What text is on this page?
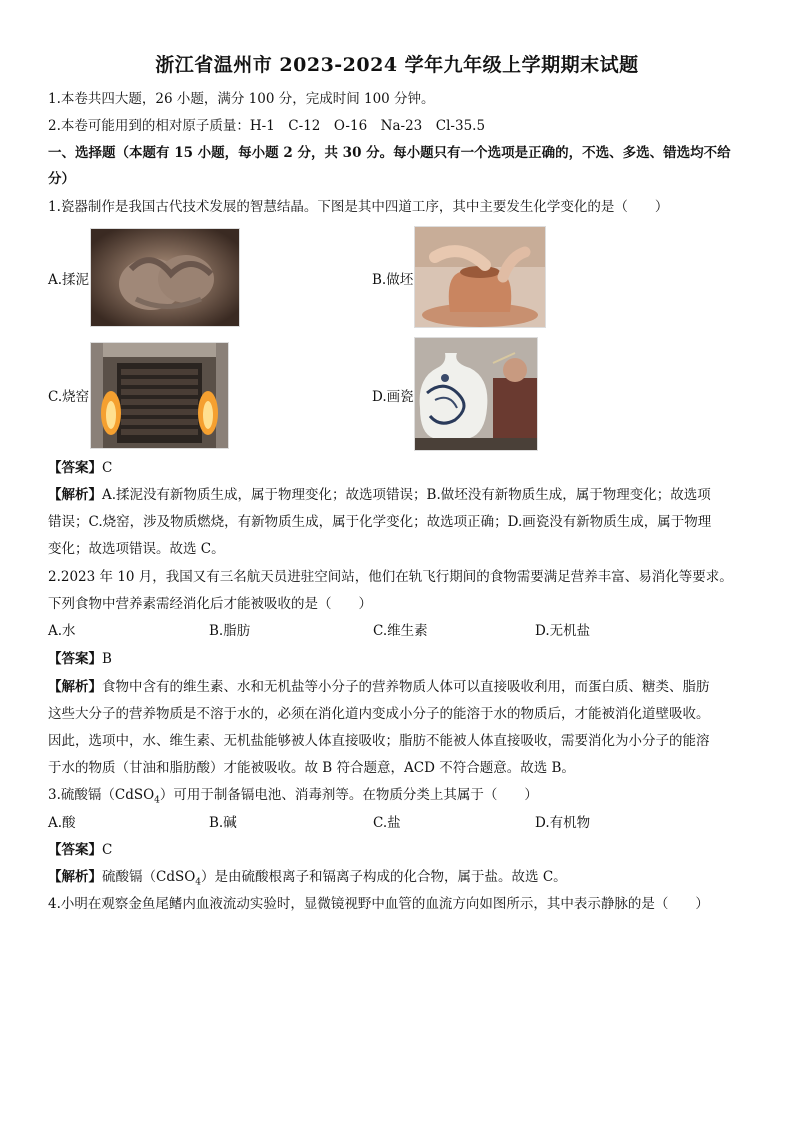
浙江省温州市 2023-2024 学年九年级上学期期末试题
1.本卷共四大题，26 小题，满分 100 分，完成时间 100 分钟。
2.本卷可能用到的相对原子质量：H-1　C-12　O-16　Na-23　Cl-35.5
一、选择题（本题有 15 小题，每小题 2 分，共 30 分。每小题只有一个选项是正确的，不选、多选、错选均不给
分）
1.瓷器制作是我国古代技术发展的智慧结晶。下图是其中四道工序，其中主要发生化学变化的是（　　）
A.揉泥	B.做坯
C.烧窑	D.画瓷
【答案】C
【解析】A.揉泥没有新物质生成，属于物理变化；故选项错误；B.做坯没有新物质生成，属于物理变化；故选项
错误；C.烧窑，涉及物质燃烧，有新物质生成，属于化学变化；故选项正确；D.画瓷没有新物质生成，属于物理
变化；故选项错误。故选 C。
2.2023 年 10 月，我国又有三名航天员进驻空间站，他们在轨飞行期间的食物需要满足营养丰富、易消化等要求。
下列食物中营养素需经消化后才能被吸收的是（　　）
A.水	B.脂肪	C.维生素	D.无机盐
【答案】B
【解析】食物中含有的维生素、水和无机盐等小分子的营养物质人体可以直接吸收利用，而蛋白质、糖类、脂肪
这些大分子的营养物质是不溶于水的，必须在消化道内变成小分子的能溶于水的物质后，才能被消化道壁吸收。
因此，选项中，水、维生素、无机盐能够被人体直接吸收；脂肪不能被人体直接吸收，需要消化为小分子的能溶
于水的物质（甘油和脂肪酸）才能被吸收。故 B 符合题意，ACD 不符合题意。故选 B。
3.硫酸镉（CdSO$_4$）可用于制备镉电池、消毒剂等。在物质分类上其属于（　　）
A.酸	B.碱	C.盐	D.有机物
【答案】C
【解析】硫酸镉（CdSO$_4$）是由硫酸根离子和镉离子构成的化合物，属于盐。故选 C。
4.小明在观察金鱼尾鳍内血液流动实验时，显微镜视野中血管的血流方向如图所示，其中表示静脉的是（　　）
